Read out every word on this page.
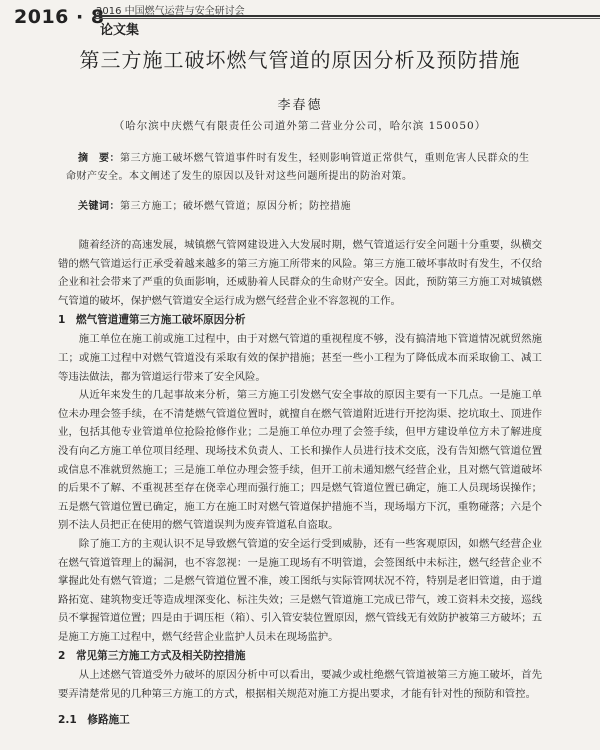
2016 · 8
2016 中国燃气运营与安全研讨会
论文集
第三方施工破坏燃气管道的原因分析及预防措施
李春德
（哈尔滨中庆燃气有限责任公司道外第二营业分公司，哈尔滨 150050）
摘　要：第三方施工破坏燃气管道事件时有发生，轻则影响管道正常供气，重则危害人民群众的生命财产安全。本文阐述了发生的原因以及针对这些问题所提出的防治对策。
关键词：第三方施工；破坏燃气管道；原因分析；防控措施

随着经济的高速发展，城镇燃气管网建设进入大发展时期，燃气管道运行安全问题十分重要，纵横交错的燃气管道运行正承受着越来越多的第三方施工所带来的风险。第三方施工破坏事故时有发生，不仅给企业和社会带来了严重的负面影响，还威胁着人民群众的生命财产安全。因此，预防第三方施工对城镇燃气管道的破坏，保护燃气管道安全运行成为燃气经营企业不容忽视的工作。

1　燃气管道遭第三方施工破坏原因分析

施工单位在施工前或施工过程中，由于对燃气管道的重视程度不够，没有搞清地下管道情况就贸然施工；或施工过程中对燃气管道没有采取有效的保护措施；甚至一些小工程为了降低成本而采取偷工、减工等违法做法，都为管道运行带来了安全风险。

从近年来发生的几起事故来分析，第三方施工引发燃气安全事故的原因主要有一下几点。一是施工单位未办理会签手续，在不清楚燃气管道位置时，就擅自在燃气管道附近进行开挖沟渠、挖坑取土、顶进作业，包括其他专业管道单位抢险抢修作业；二是施工单位办理了会签手续，但甲方建设单位方未了解进度没有向乙方施工单位项目经理、现场技术负责人、工长和操作人员进行技术交底，没有告知燃气管道位置或信息不准就贸然施工；三是施工单位办理会签手续，但开工前未通知燃气经营企业，且对燃气管道破坏的后果不了解、不重视甚至存在侥幸心理而强行施工；四是燃气管道位置已确定，施工人员现场误操作；五是燃气管道位置已确定，施工方在施工时对燃气管道保护措施不当，现场塌方下沉，重物碰落；六是个别不法人员把正在使用的燃气管道误判为废弃管道私自盗取。

除了施工方的主观认识不足导致燃气管道的安全运行受到威胁，还有一些客观原因，如燃气经营企业在燃气管道管理上的漏洞，也不容忽视：一是施工现场有不明管道，会签图纸中未标注，燃气经营企业不掌握此处有燃气管道；二是燃气管道位置不准，竣工图纸与实际管网状况不符，特别是老旧管道，由于道路拓宽、建筑物变迁等造成埋深变化、标注失效；三是燃气管道施工完成已带气，竣工资料未交接，巡线员不掌握管道位置；四是由于调压柜（箱）、引入管安装位置原因，燃气管线无有效防护被第三方破坏；五是施工方施工过程中，燃气经营企业监护人员未在现场监护。

2　常见第三方施工方式及相关防控措施

从上述燃气管道受外力破坏的原因分析中可以看出，要减少或杜绝燃气管道被第三方施工破坏，首先要弄清楚常见的几种第三方施工的方式，根据相关规范对施工方提出要求，才能有针对性的预防和管控。

2.1　修路施工
